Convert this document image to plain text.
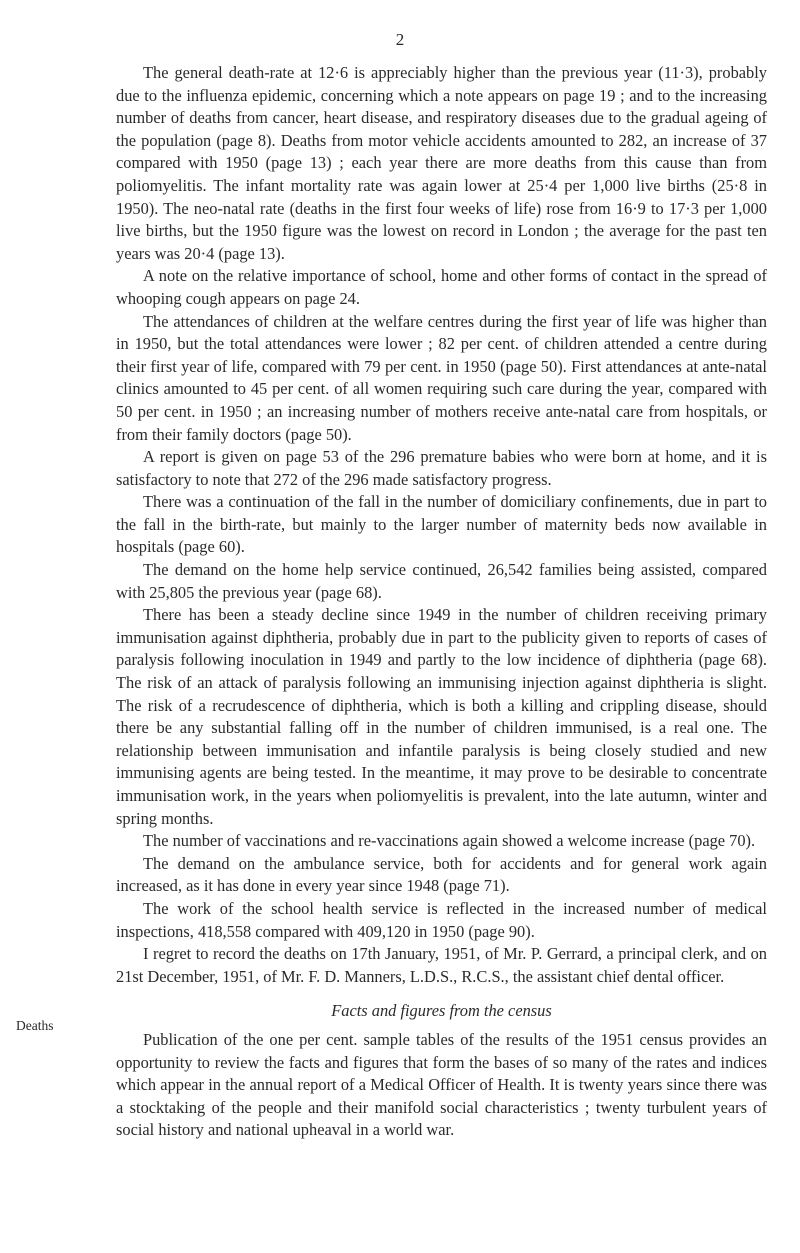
2
Deaths

The general death-rate at 12·6 is appreciably higher than the previous year (11·3), probably due to the influenza epidemic, concerning which a note appears on page 19 ; and to the increasing number of deaths from cancer, heart disease, and respiratory diseases due to the gradual ageing of the population (page 8). Deaths from motor vehicle accidents amounted to 282, an increase of 37 compared with 1950 (page 13) ; each year there are more deaths from this cause than from poliomyelitis. The infant mortality rate was again lower at 25·4 per 1,000 live births (25·8 in 1950). The neo-natal rate (deaths in the first four weeks of life) rose from 16·9 to 17·3 per 1,000 live births, but the 1950 figure was the lowest on record in London ; the average for the past ten years was 20·4 (page 13).

A note on the relative importance of school, home and other forms of contact in the spread of whooping cough appears on page 24.

The attendances of children at the welfare centres during the first year of life was higher than in 1950, but the total attendances were lower ; 82 per cent. of children attended a centre during their first year of life, compared with 79 per cent. in 1950 (page 50). First attendances at ante-natal clinics amounted to 45 per cent. of all women requiring such care during the year, compared with 50 per cent. in 1950 ; an increasing number of mothers receive ante-natal care from hospitals, or from their family doctors (page 50).

A report is given on page 53 of the 296 premature babies who were born at home, and it is satisfactory to note that 272 of the 296 made satisfactory progress.

There was a continuation of the fall in the number of domiciliary confinements, due in part to the fall in the birth-rate, but mainly to the larger number of maternity beds now available in hospitals (page 60).

The demand on the home help service continued, 26,542 families being assisted, compared with 25,805 the previous year (page 68).

There has been a steady decline since 1949 in the number of children receiving primary immunisation against diphtheria, probably due in part to the publicity given to reports of cases of paralysis following inoculation in 1949 and partly to the low incidence of diphtheria (page 68). The risk of an attack of paralysis following an immunising injection against diphtheria is slight. The risk of a recrudescence of diphtheria, which is both a killing and crippling disease, should there be any substantial falling off in the number of children immunised, is a real one. The relationship between immunisation and infantile paralysis is being closely studied and new immunising agents are being tested. In the meantime, it may prove to be desirable to concentrate immunisation work, in the years when poliomyelitis is prevalent, into the late autumn, winter and spring months.

The number of vaccinations and re-vaccinations again showed a welcome increase (page 70).

The demand on the ambulance service, both for accidents and for general work again increased, as it has done in every year since 1948 (page 71).

The work of the school health service is reflected in the increased number of medical inspections, 418,558 compared with 409,120 in 1950 (page 90).

I regret to record the deaths on 17th January, 1951, of Mr. P. Gerrard, a principal clerk, and on 21st December, 1951, of Mr. F. D. Manners, L.D.S., R.C.S., the assistant chief dental officer.

Facts and figures from the census

Publication of the one per cent. sample tables of the results of the 1951 census provides an opportunity to review the facts and figures that form the bases of so many of the rates and indices which appear in the annual report of a Medical Officer of Health. It is twenty years since there was a stocktaking of the people and their manifold social characteristics ; twenty turbulent years of social history and national upheaval in a world war.
